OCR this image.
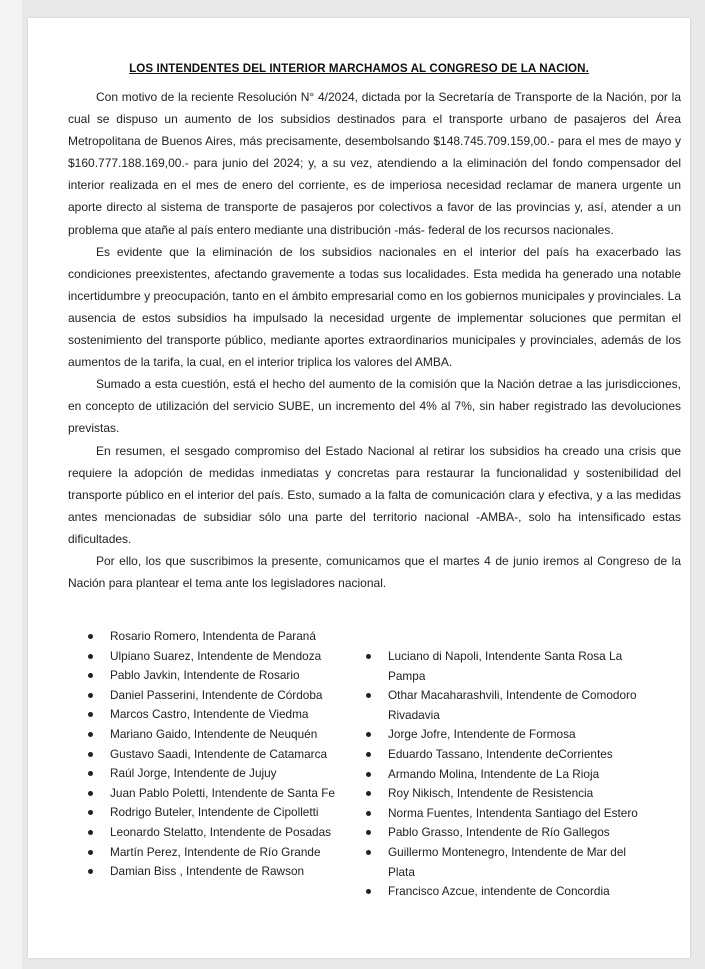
LOS INTENDENTES DEL INTERIOR MARCHAMOS AL CONGRESO DE LA NACION.

Con motivo de la reciente Resolución N° 4/2024, dictada por la Secretaría de Transporte de la Nación, por la cual se dispuso un aumento de los subsidios destinados para el transporte urbano de pasajeros del Área Metropolitana de Buenos Aires, más precisamente, desembolsando $148.745.709.159,00.- para el mes de mayo y $160.777.188.169,00.- para junio del 2024; y, a su vez, atendiendo a la eliminación del fondo compensador del interior realizada en el mes de enero del corriente, es de imperiosa necesidad reclamar de manera urgente un aporte directo al sistema de transporte de pasajeros por colectivos a favor de las provincias y, así, atender a un problema que atañe al país entero mediante una distribución -más- federal de los recursos nacionales.

Es evidente que la eliminación de los subsidios nacionales en el interior del país ha exacerbado las condiciones preexistentes, afectando gravemente a todas sus localidades. Esta medida ha generado una notable incertidumbre y preocupación, tanto en el ámbito empresarial como en los gobiernos municipales y provinciales. La ausencia de estos subsidios ha impulsado la necesidad urgente de implementar soluciones que permitan el sostenimiento del transporte público, mediante aportes extraordinarios municipales y provinciales, además de los aumentos de la tarifa, la cual, en el interior triplica los valores del AMBA.

Sumado a esta cuestión, está el hecho del aumento de la comisión que la Nación detrae a las jurisdicciones, en concepto de utilización del servicio SUBE, un incremento del 4% al 7%, sin haber registrado las devoluciones previstas.

En resumen, el sesgado compromiso del Estado Nacional al retirar los subsidios ha creado una crisis que requiere la adopción de medidas inmediatas y concretas para restaurar la funcionalidad y sostenibilidad del transporte público en el interior del país. Esto, sumado a la falta de comunicación clara y efectiva, y a las medidas antes mencionadas de subsidiar sólo una parte del territorio nacional -AMBA-, solo ha intensificado estas dificultades.

Por ello, los que suscribimos la presente, comunicamos que el martes 4 de junio iremos al Congreso de la Nación para plantear el tema ante los legisladores nacional.

Rosario Romero, Intendenta de Paraná
Ulpiano Suarez, Intendente de Mendoza
Pablo Javkin, Intendente de Rosario
Daniel Passerini, Intendente de Córdoba
Marcos Castro, Intendente de Viedma
Mariano Gaido, Intendente de Neuquén
Gustavo Saadi, Intendente de Catamarca
Raúl Jorge, Intendente de Jujuy
Juan Pablo Poletti, Intendente de Santa Fe
Rodrigo Buteler, Intendente de Cipolletti
Leonardo Stelatto, Intendente de Posadas
Martín Perez, Intendente de Río Grande
Damian Biss , Intendente de Rawson
Luciano di Napoli, Intendente Santa Rosa La Pampa
Othar Macaharashvili, Intendente de Comodoro Rivadavia
Jorge Jofre, Intendente de Formosa
Eduardo Tassano, Intendente deCorrientes
Armando Molina, Intendente de La Rioja
Roy Nikisch, Intendente de Resistencia
Norma Fuentes, Intendenta Santiago del Estero
Pablo Grasso, Intendente de Río Gallegos
Guillermo Montenegro, Intendente de Mar del Plata
Francisco Azcue, intendente de Concordia
